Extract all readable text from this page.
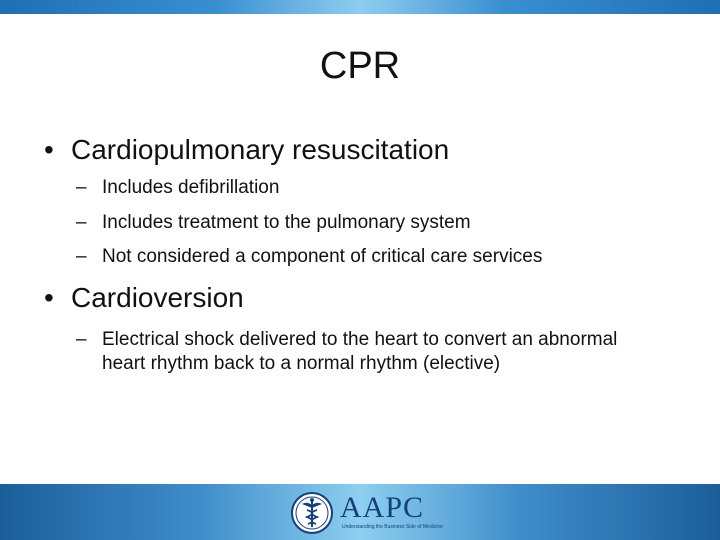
CPR
• Cardiopulmonary resuscitation
– Includes defibrillation
– Includes treatment to the pulmonary system
– Not considered a component of critical care services
• Cardioversion
– Electrical shock delivered to the heart to convert an abnormal heart rhythm back to a normal rhythm (elective)
AAPC
Understanding the Business Side of Medicine
